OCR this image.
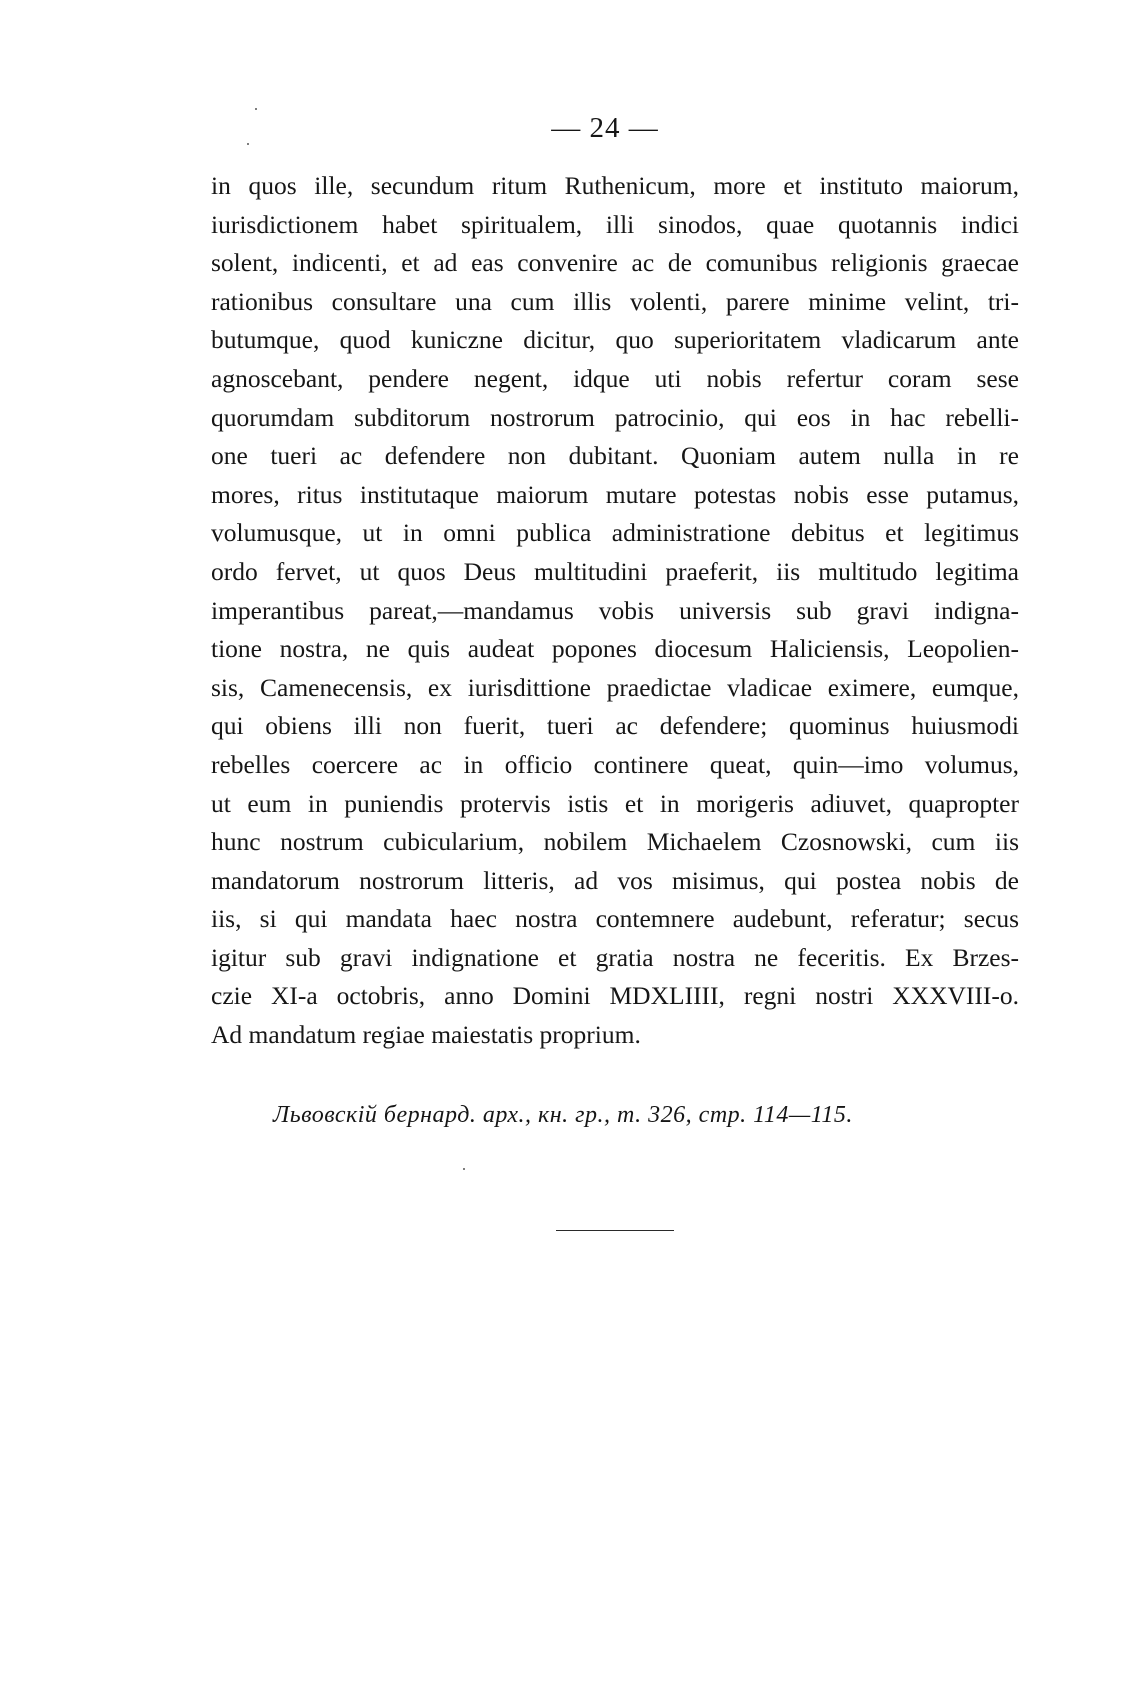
— 24 —
in quos ille, secundum ritum Ruthenicum, more et instituto maiorum,
iurisdictionem habet spiritualem, illi sinodos, quae quotannis indici
solent, indicenti, et ad eas convenire ac de comunibus religionis graecae
rationibus consultare una cum illis volenti, parere minime velint, tri-
butumque, quod kuniczne dicitur, quo superioritatem vladicarum ante
agnoscebant, pendere negent, idque uti nobis refertur coram sese
quorumdam subditorum nostrorum patrocinio, qui eos in hac rebelli-
one tueri ac defendere non dubitant. Quoniam autem nulla in re
mores, ritus institutaque maiorum mutare potestas nobis esse putamus,
volumusque, ut in omni publica administratione debitus et legitimus
ordo fervet, ut quos Deus multitudini praeferit, iis multitudo legitima
imperantibus pareat,—mandamus vobis universis sub gravi indigna-
tione nostra, ne quis audeat popones diocesum Haliciensis, Leopolien-
sis, Camenecensis, ex iurisdittione praedictae vladicae eximere, eumque,
qui obiens illi non fuerit, tueri ac defendere; quominus huiusmodi
rebelles coercere ac in officio continere queat, quin—imo volumus,
ut eum in puniendis protervis istis et in morigeris adiuvet, quapropter
hunc nostrum cubicularium, nobilem Michaelem Czosnowski, cum iis
mandatorum nostrorum litteris, ad vos misimus, qui postea nobis de
iis, si qui mandata haec nostra contemnere audebunt, referatur; secus
igitur sub gravi indignatione et gratia nostra ne feceritis. Ex Brzes-
czie XI-a octobris, anno Domini MDXLIIII, regni nostri XXXVIII-o.
Ad mandatum regiae maiestatis proprium.
Львовскій бернард. арх., кн. гр., т. 326, стр. 114—115.
